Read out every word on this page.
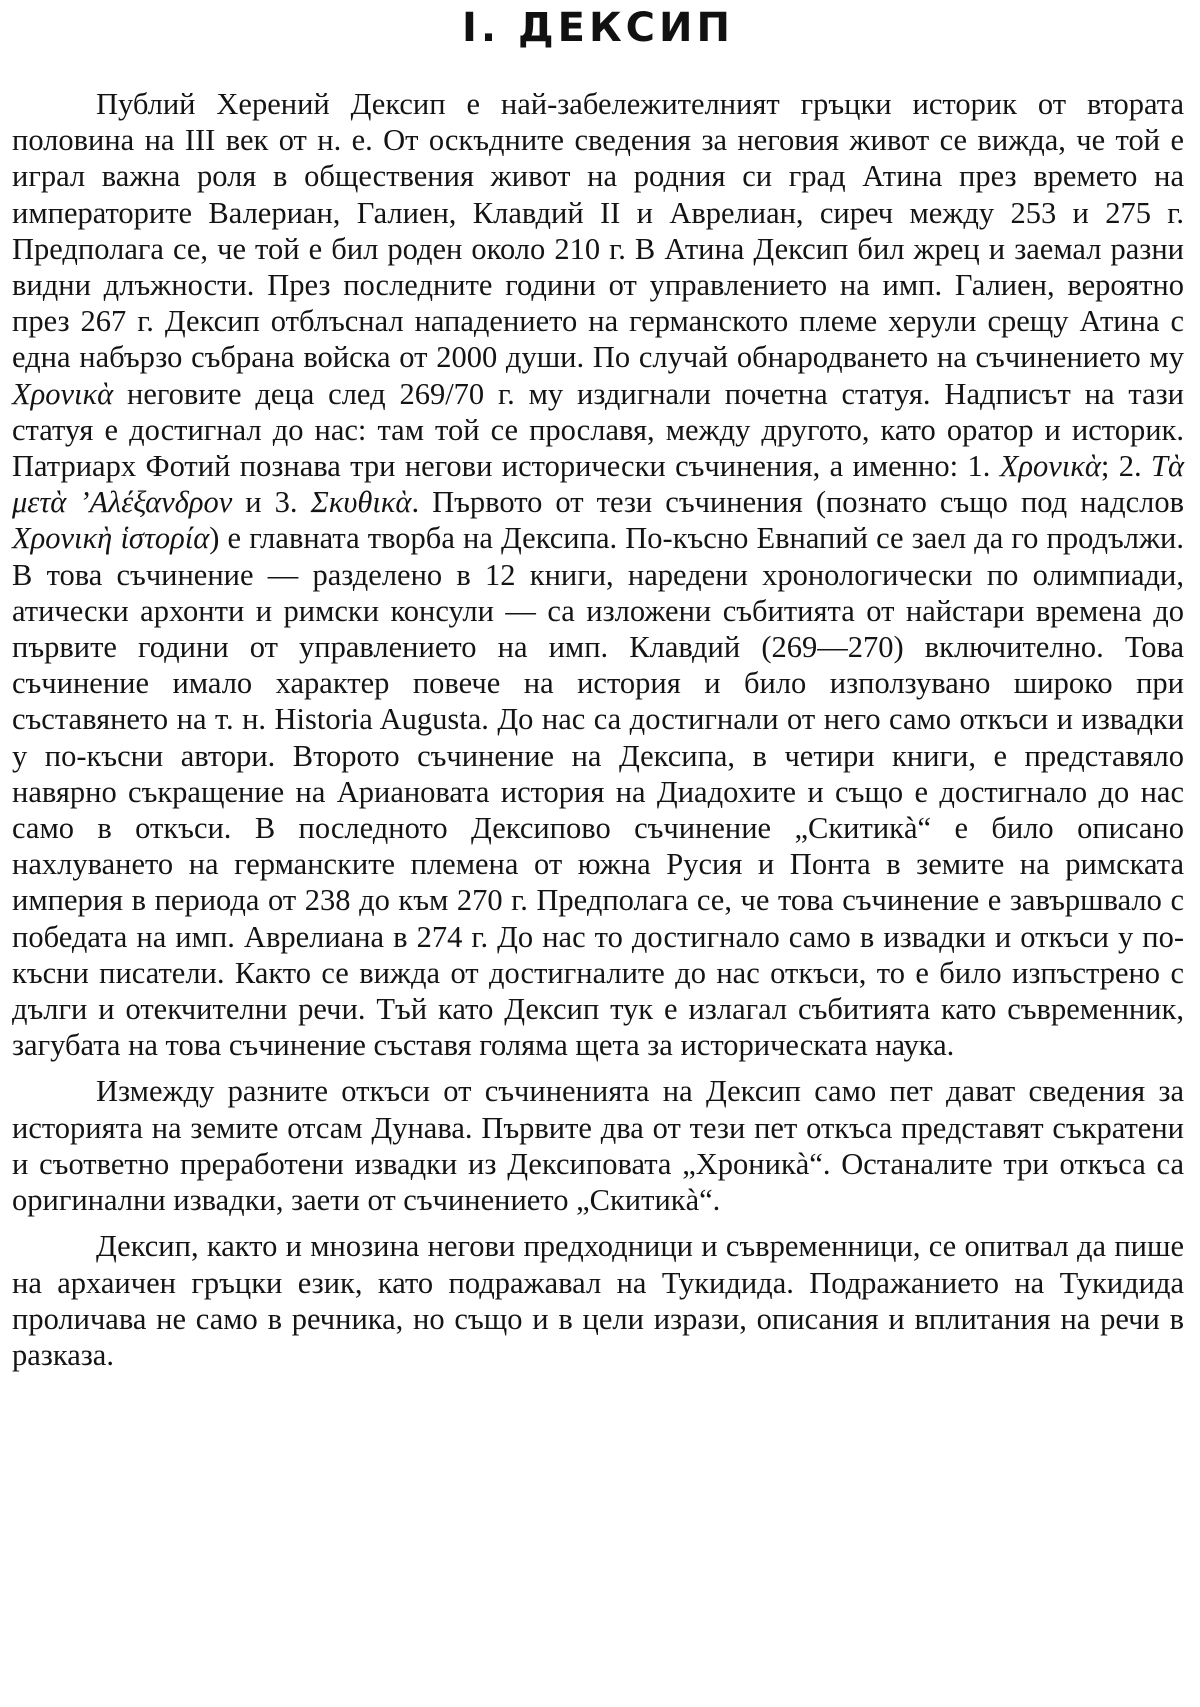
I. ДЕКСИП

Публий Херений Дексип е най-забележителният гръцки историк от втората половина на III век от н. е. От оскъдните сведения за неговия живот се вижда, че той е играл важна роля в обществения живот на родния си град Атина през времето на императорите Валериан, Галиен, Клавдий II и Аврелиан, сиреч между 253 и 275 г. Предполага се, че той е бил роден около 210 г. В Атина Дексип бил жрец и заемал разни видни длъжности. През последните години от управлението на имп. Галиен, вероятно през 267 г. Дексип отблъснал нападението на германското племе херули срещу Атина с една набързо събрана войска от 2000 души. По случай обнародването на съчинението му Χρονικὰ неговите деца след 269/70 г. му издигнали почетна статуя. Надписът на тази статуя е достигнал до нас: там той се прославя, между другото, като оратор и историк. Патриарх Фотий познава три негови исторически съчинения, а именно: 1. Χρονικὰ; 2. Τὰ μετὰ ’Αλέξανδρον и 3. Σκυθικὰ. Първото от тези съчинения (познато също под надслов Χρονικὴ ἱστορία) е главната творба на Дексипа. По-късно Евнапий се заел да го продължи. В това съчинение — разделено в 12 книги, наредени хронологически по олимпиади, атически архонти и римски консули — са изложени събитията от найстари времена до първите години от управлението на имп. Клавдий (269—270) включително. Това съчинение имало характер повече на история и било използувано широко при съставянето на т. н. Historia Augusta. До нас са достигнали от него само откъси и извадки у по-късни автори. Второто съчинение на Дексипа, в четири книги, е представяло навярно съкращение на Ариановата история на Диадохите и също е достигнало до нас само в откъси. В последното Дексипово съчинение „Скитикà“ е било описано нахлуването на германските племена от южна Русия и Понта в земите на римската империя в периода от 238 до към 270 г. Предполага се, че това съчинение е завършвало с победата на имп. Аврелиана в 274 г. До нас то достигнало само в извадки и откъси у по-късни писатели. Както се вижда от достигналите до нас откъси, то е било изпъстрено с дълги и отекчителни речи. Тъй като Дексип тук е излагал събитията като съвременник, загубата на това съчинение съставя голяма щета за историческата наука.

Измежду разните откъси от съчиненията на Дексип само пет дават сведения за историята на земите отсам Дунава. Първите два от тези пет откъса представят съкратени и съответно преработени извадки из Дексиповата „Хроникà“. Останалите три откъса са оригинални извадки, заети от съчинението „Скитикà“.

Дексип, както и мнозина негови предходници и съвременници, се опитвал да пише на архаичен гръцки език, като подражавал на Тукидида. Подражанието на Тукидида проличава не само в речника, но също и в цели изрази, описания и вплитания на речи в разказа.
